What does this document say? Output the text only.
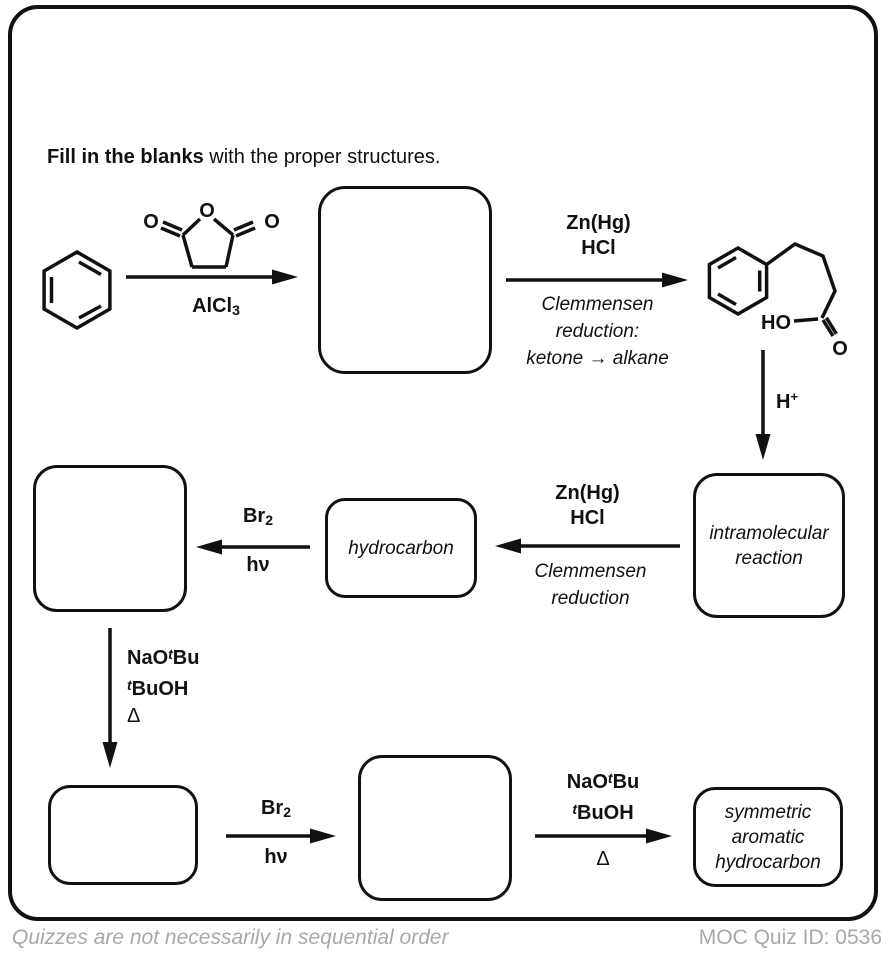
Fill in the blanks with the proper structures.
O
O	O
AlCl$_3$
Zn(Hg)
HCl
Clemmensen
reduction:
ketone → alkane
HO
O
H+
intramolecular
reaction
Zn(Hg)
HCl
Clemmensen
reduction
hydrocarbon
$Br_2$
hν
NaO$^t$Bu
$^t$BuOH
Δ
$Br_2$
hν
NaO$^t$Bu
$^t$BuOH
Δ
symmetric
aromatic
hydrocarbon
Quizzes are not necessarily in sequential order	MOC Quiz ID: 0536
